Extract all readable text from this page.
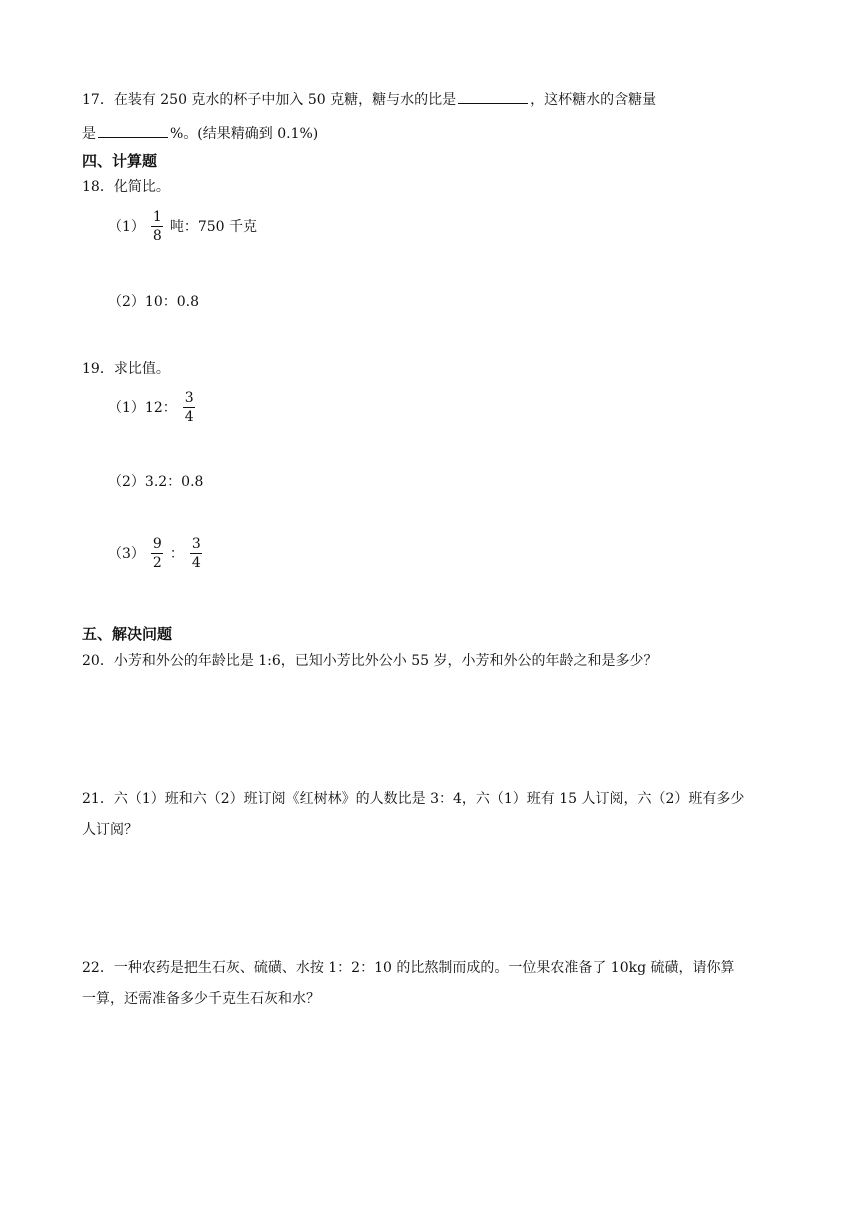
17．在装有 250 克水的杯子中加入 50 克糖，糖与水的比是	，这杯糖水的含糖量
是	%。(结果精确到 0.1%)
四、计算题
18．化简比。
$(1) \frac{1}{8}$ 吨：750 千克
（2）10：0.8
19．求比值。
（1）12： $\frac{3}{4}$
（2）3.2：0.8
$(3) \frac{9}{2}$ ： $\frac{3}{4}$
五、解决问题
20．小芳和外公的年龄比是 1:6，已知小芳比外公小 55 岁，小芳和外公的年龄之和是多少？
21．六（1）班和六（2）班订阅《红树林》的人数比是 3：4，六（1）班有 15 人订阅，六（2）班有多少
人订阅？
22．一种农药是把生石灰、硫磺、水按 1：2：10 的比熬制而成的。一位果农准备了 10kg 硫磺，请你算
一算，还需准备多少千克生石灰和水？
